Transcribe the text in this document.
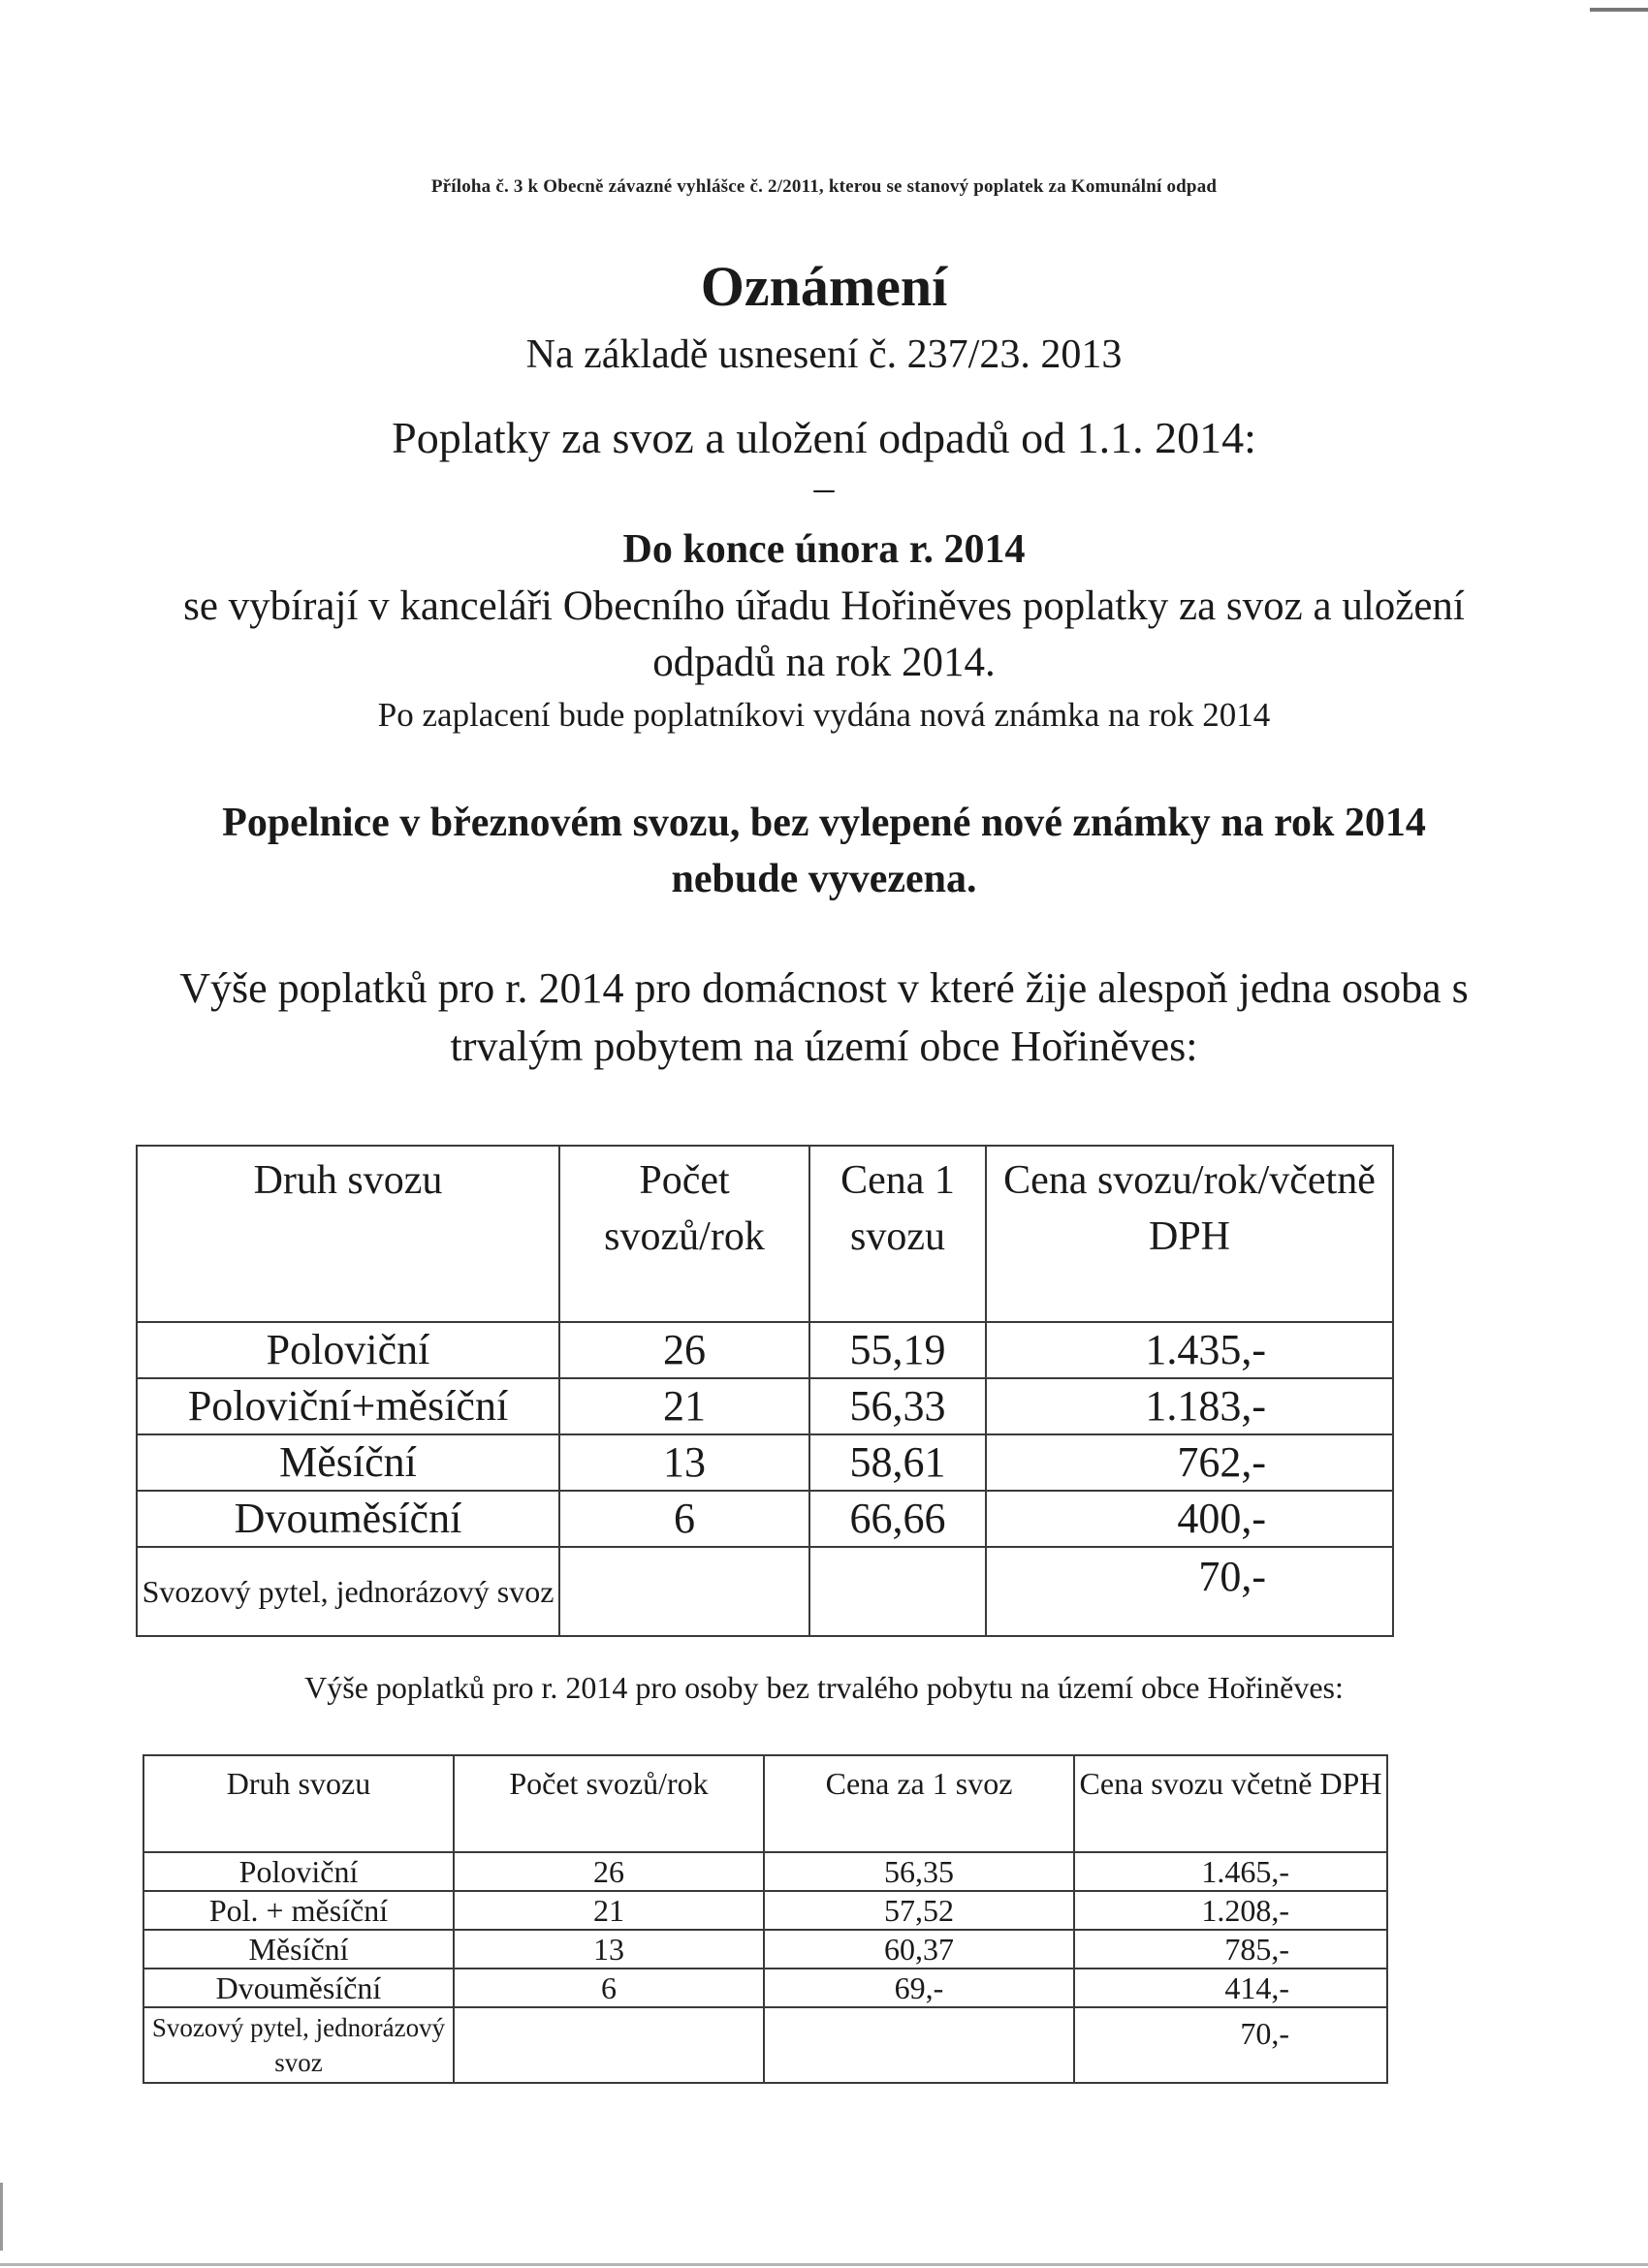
Příloha č. 3 k Obecně závazné vyhlášce č. 2/2011, kterou se stanový poplatek za Komunální odpad
Oznámení
Na základě usnesení č. 237/23. 2013
Poplatky za svoz a uložení odpadů od 1.1. 2014:
–
Do konce února r. 2014
se vybírají v kanceláři Obecního úřadu Hořiněves poplatky za svoz a uložení odpadů na rok 2014.
Po zaplacení bude poplatníkovi vydána nová známka na rok 2014
Popelnice v březnovém svozu, bez vylepené nové známky na rok 2014 nebude vyvezena.
Výše poplatků pro r. 2014 pro domácnost v které žije alespoň jedna osoba s trvalým pobytem na území obce Hořiněves:
Druh svozu	Počet svozů/rok	Cena 1 svozu	Cena svozu/rok/včetně DPH
Poloviční	26	55,19	1.435,-
Poloviční+měsíční	21	56,33	1.183,-
Měsíční	13	58,61	762,-
Dvouměsíční	6	66,66	400,-
Svozový pytel, jednorázový svoz			70,-
Výše poplatků pro r. 2014 pro osoby bez trvalého pobytu na území obce Hořiněves:
Druh svozu	Počet svozů/rok	Cena za 1 svoz	Cena svozu včetně DPH
Poloviční	26	56,35	1.465,-
Pol. + měsíční	21	57,52	1.208,-
Měsíční	13	60,37	785,-
Dvouměsíční	6	69,-	414,-
Svozový pytel, jednorázový svoz			70,-
